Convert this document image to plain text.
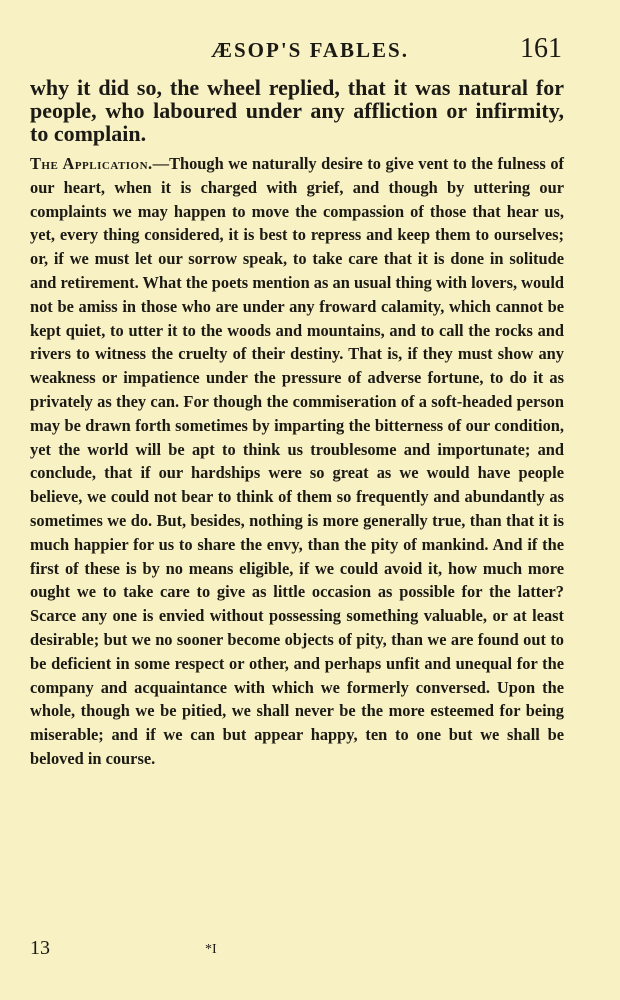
ÆSOP'S FABLES.	161

why it did so, the wheel replied, that it was natural for people, who laboured under any affliction or infirmity, to complain.

The Application.—Though we naturally desire to give vent to the fulness of our heart, when it is charged with grief, and though by uttering our complaints we may happen to move the compassion of those that hear us, yet, every thing considered, it is best to repress and keep them to ourselves; or, if we must let our sorrow speak, to take care that it is done in solitude and retirement. What the poets mention as an usual thing with lovers, would not be amiss in those who are under any froward calamity, which cannot be kept quiet, to utter it to the woods and mountains, and to call the rocks and rivers to witness the cruelty of their destiny. That is, if they must show any weakness or impatience under the pressure of adverse fortune, to do it as privately as they can. For though the commiseration of a soft-headed person may be drawn forth sometimes by imparting the bitterness of our condition, yet the world will be apt to think us troublesome and importunate; and conclude, that if our hardships were so great as we would have people believe, we could not bear to think of them so frequently and abundantly as sometimes we do. But, besides, nothing is more generally true, than that it is much happier for us to share the envy, than the pity of mankind. And if the first of these is by no means eligible, if we could avoid it, how much more ought we to take care to give as little occasion as possible for the latter? Scarce any one is envied without possessing something valuable, or at least desirable; but we no sooner become objects of pity, than we are found out to be deficient in some respect or other, and perhaps unfit and unequal for the company and acquaintance with which we formerly conversed. Upon the whole, though we be pitied, we shall never be the more esteemed for being miserable; and if we can but appear happy, ten to one but we shall be beloved in course.

13	*I
